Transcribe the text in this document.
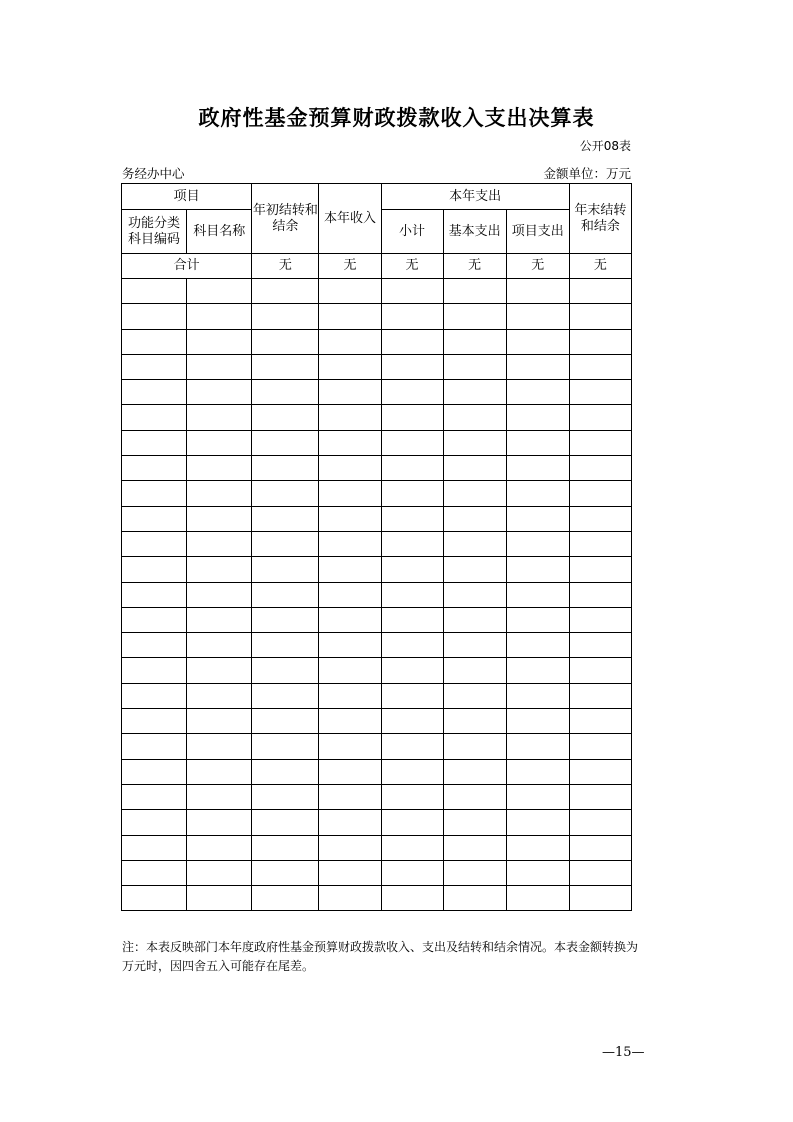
政府性基金预算财政拨款收入支出决算表
公开08表
务经办中心	金额单位：万元
项目		年初结转和结余	本年收入	本年支出			年末结转和结余
功能分类科目编码	科目名称			小计	基本支出	项目支出	
合计		无	无	无	无	无	无

注：本表反映部门本年度政府性基金预算财政拨款收入、支出及结转和结余情况。本表金额转换为万元时，因四舍五入可能存在尾差。
—15—
